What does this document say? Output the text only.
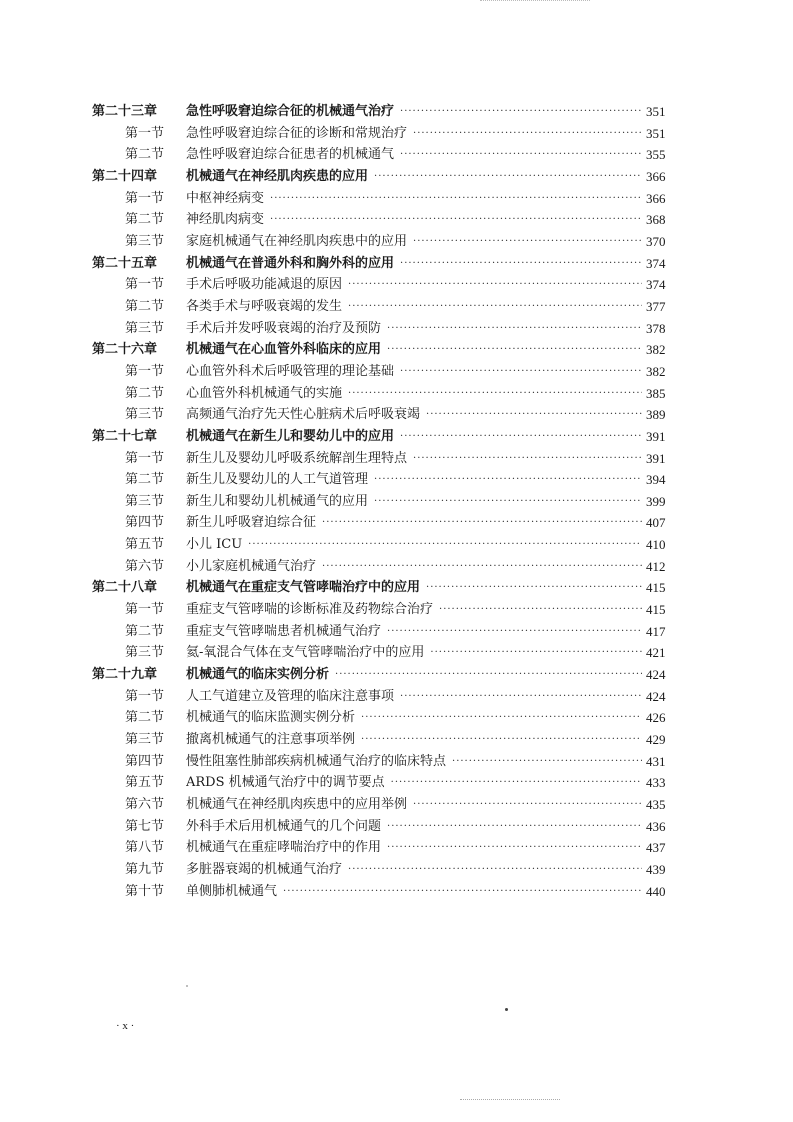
第二十三章 急性呼吸窘迫综合征的机械通气治疗 ·····	351
第一节 急性呼吸窘迫综合征的诊断和常规治疗 ·····	351
第二节 急性呼吸窘迫综合征患者的机械通气 ·····	355
第二十四章 机械通气在神经肌肉疾患的应用 ·····	366
第一节 中枢神经病变 ·····	366
第二节 神经肌肉病变 ·····	368
第三节 家庭机械通气在神经肌肉疾患中的应用 ·····	370
第二十五章 机械通气在普通外科和胸外科的应用 ·····	374
第一节 手术后呼吸功能减退的原因 ·····	374
第二节 各类手术与呼吸衰竭的发生 ·····	377
第三节 手术后并发呼吸衰竭的治疗及预防 ·····	378
第二十六章 机械通气在心血管外科临床的应用 ·····	382
第一节 心血管外科术后呼吸管理的理论基础 ·····	382
第二节 心血管外科机械通气的实施 ·····	385
第三节 高频通气治疗先天性心脏病术后呼吸衰竭 ·····	389
第二十七章 机械通气在新生儿和婴幼儿中的应用 ·····	391
第一节 新生儿及婴幼儿呼吸系统解剖生理特点 ·····	391
第二节 新生儿及婴幼儿的人工气道管理 ·····	394
第三节 新生儿和婴幼儿机械通气的应用 ·····	399
第四节 新生儿呼吸窘迫综合征 ·····	407
第五节 小儿 ICU ·····	410
第六节 小儿家庭机械通气治疗 ·····	412
第二十八章 机械通气在重症支气管哮喘治疗中的应用 ·····	415
第一节 重症支气管哮喘的诊断标准及药物综合治疗 ·····	415
第二节 重症支气管哮喘患者机械通气治疗 ·····	417
第三节 氦-氧混合气体在支气管哮喘治疗中的应用 ·····	421
第二十九章 机械通气的临床实例分析 ·····	424
第一节 人工气道建立及管理的临床注意事项 ·····	424
第二节 机械通气的临床监测实例分析 ·····	426
第三节 撤离机械通气的注意事项举例 ·····	429
第四节 慢性阻塞性肺部疾病机械通气治疗的临床特点 ·····	431
第五节 ARDS 机械通气治疗中的调节要点 ·····	433
第六节 机械通气在神经肌肉疾患中的应用举例 ·····	435
第七节 外科手术后用机械通气的几个问题 ·····	436
第八节 机械通气在重症哮喘治疗中的作用 ·····	437
第九节 多脏器衰竭的机械通气治疗 ·····	439
第十节 单侧肺机械通气 ·····	440
· x ·
